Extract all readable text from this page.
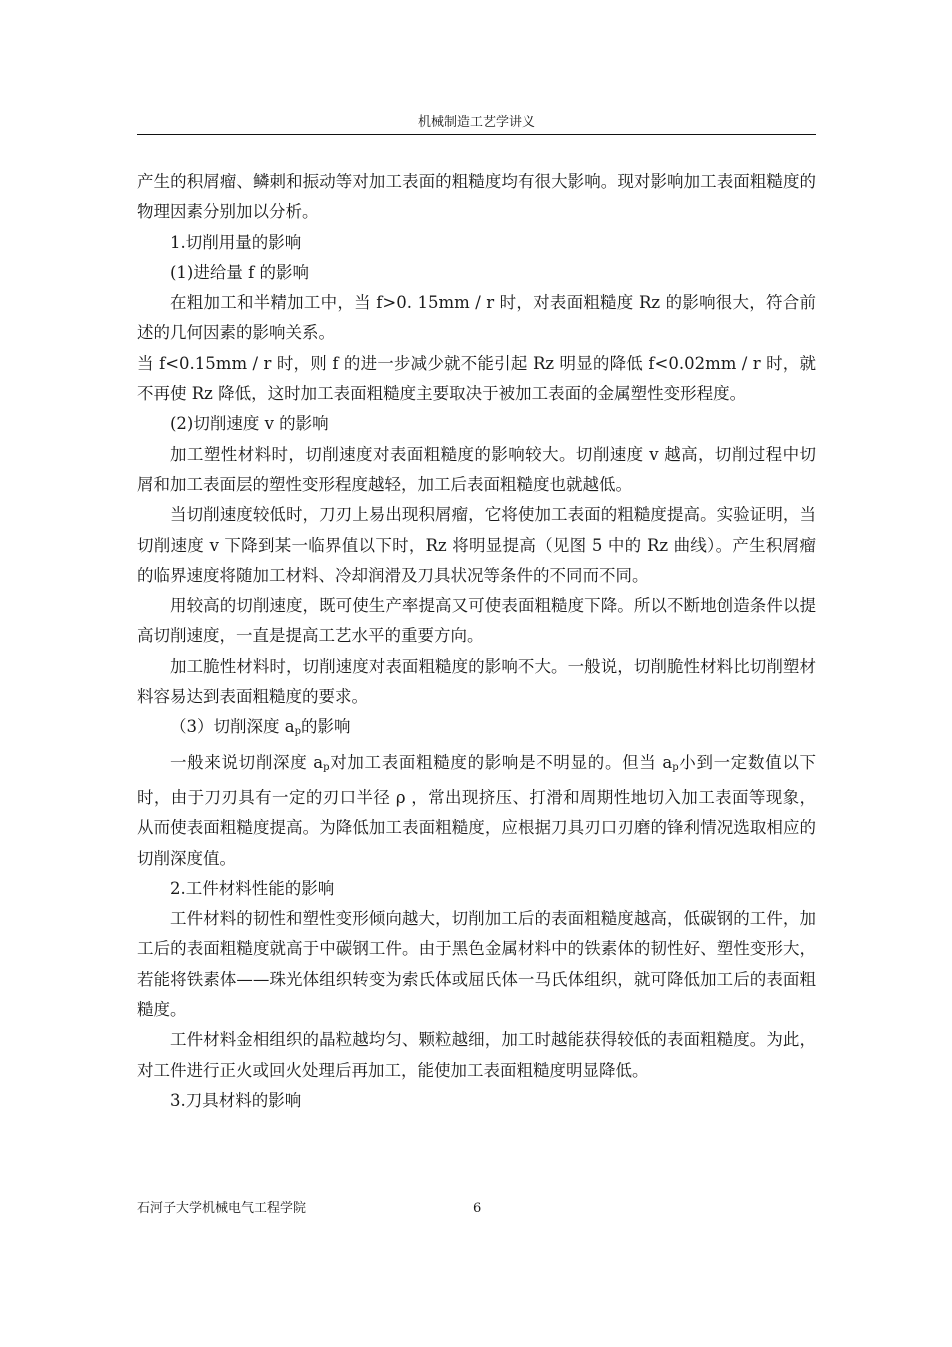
机械制造工艺学讲义

产生的积屑瘤、鳞刺和振动等对加工表面的粗糙度均有很大影响。现对影响加工表面粗糙度的物理因素分别加以分析。

1.切削用量的影响

(1)进给量 f 的影响

在粗加工和半精加工中，当 f>0. 15mm / r 时，对表面粗糙度 Rz 的影响很大，符合前述的几何因素的影响关系。

当 f<0.15mm / r 时，则 f 的进一步减少就不能引起 Rz 明显的降低 f<0.02mm / r 时，就不再使 Rz 降低，这时加工表面粗糙度主要取决于被加工表面的金属塑性变形程度。

(2)切削速度 v 的影响

加工塑性材料时，切削速度对表面粗糙度的影响较大。切削速度 v 越高，切削过程中切屑和加工表面层的塑性变形程度越轻，加工后表面粗糙度也就越低。

当切削速度较低时，刀刃上易出现积屑瘤，它将使加工表面的粗糙度提高。实验证明，当切削速度 v 下降到某一临界值以下时，Rz 将明显提高（见图 5 中的 Rz 曲线）。产生积屑瘤的临界速度将随加工材料、冷却润滑及刀具状况等条件的不同而不同。

用较高的切削速度，既可使生产率提高又可使表面粗糙度下降。所以不断地创造条件以提高切削速度，一直是提高工艺水平的重要方向。

加工脆性材料时，切削速度对表面粗糙度的影响不大。一般说，切削脆性材料比切削塑材料容易达到表面粗糙度的要求。

（3）切削深度 $a_p$的影响

一般来说切削深度 $a_p$对加工表面粗糙度的影响是不明显的。但当 $a_p$小到一定数值以下时，由于刀刃具有一定的刃口半径 ρ ，常出现挤压、打滑和周期性地切入加工表面等现象，从而使表面粗糙度提高。为降低加工表面粗糙度，应根据刀具刃口刃磨的锋利情况选取相应的切削深度值。

2.工件材料性能的影响

工件材料的韧性和塑性变形倾向越大，切削加工后的表面粗糙度越高，低碳钢的工件，加工后的表面粗糙度就高于中碳钢工件。由于黑色金属材料中的铁素体的韧性好、塑性变形大，若能将铁素体——珠光体组织转变为索氏体或屈氏体一马氏体组织，就可降低加工后的表面粗糙度。

工件材料金相组织的晶粒越均匀、颗粒越细，加工时越能获得较低的表面粗糙度。为此，对工件进行正火或回火处理后再加工，能使加工表面粗糙度明显降低。

3.刀具材料的影响

石河子大学机械电气工程学院	6
